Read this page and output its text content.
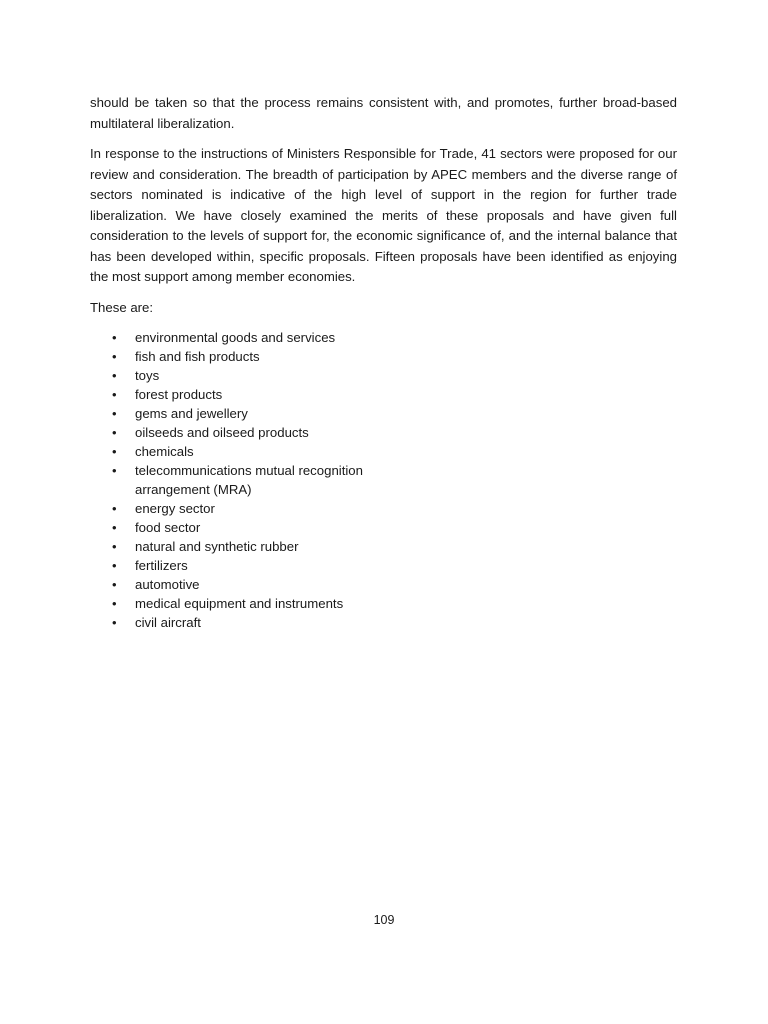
should be taken so that the process remains consistent with, and promotes, further broad-based multilateral liberalization.

In response to the instructions of Ministers Responsible for Trade, 41 sectors were proposed for our review and consideration. The breadth of participation by APEC members and the diverse range of sectors nominated is indicative of the high level of support in the region for further trade liberalization. We have closely examined the merits of these proposals and have given full consideration to the levels of support for, the economic significance of, and the internal balance that has been developed within, specific proposals. Fifteen proposals have been identified as enjoying the most support among member economies.

These are:

• environmental goods and services
• fish and fish products
• toys
• forest products
• gems and jewellery
• oilseeds and oilseed products
• chemicals
• telecommunications mutual recognition arrangement (MRA)
• energy sector
• food sector
• natural and synthetic rubber
• fertilizers
• automotive
• medical equipment and instruments
• civil aircraft
109
